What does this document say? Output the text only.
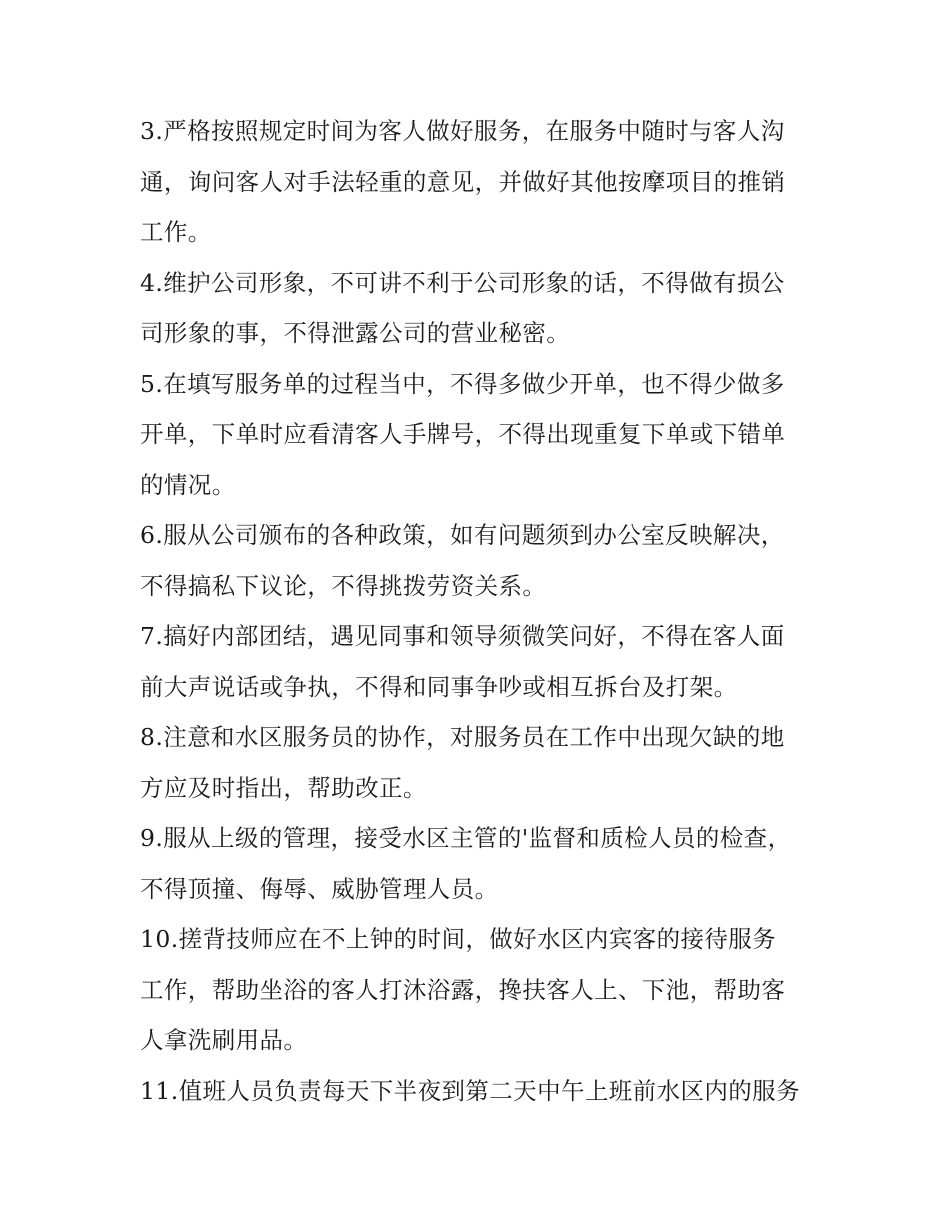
3.严格按照规定时间为客人做好服务，在服务中随时与客人沟
通，询问客人对手法轻重的意见，并做好其他按摩项目的推销
工作。
4.维护公司形象，不可讲不利于公司形象的话，不得做有损公
司形象的事，不得泄露公司的营业秘密。
5.在填写服务单的过程当中，不得多做少开单，也不得少做多
开单，下单时应看清客人手牌号，不得出现重复下单或下错单
的情况。
6.服从公司颁布的各种政策，如有问题须到办公室反映解决，
不得搞私下议论，不得挑拨劳资关系。
7.搞好内部团结，遇见同事和领导须微笑问好，不得在客人面
前大声说话或争执，不得和同事争吵或相互拆台及打架。
8.注意和水区服务员的协作，对服务员在工作中出现欠缺的地
方应及时指出，帮助改正。
9.服从上级的管理，接受水区主管的'监督和质检人员的检查，
不得顶撞、侮辱、威胁管理人员。
10.搓背技师应在不上钟的时间，做好水区内宾客的接待服务
工作，帮助坐浴的客人打沐浴露，搀扶客人上、下池，帮助客
人拿洗刷用品。
11.值班人员负责每天下半夜到第二天中午上班前水区内的服务
